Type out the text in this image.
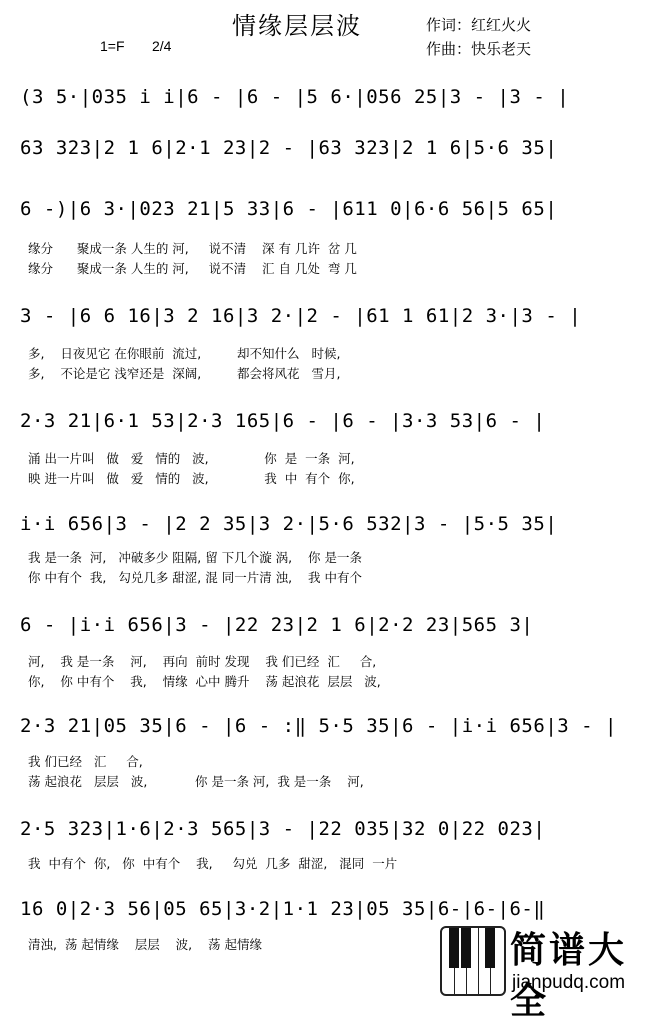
情缘层层波	作词：红红火火
作曲：快乐老天
1=F 2/4
(3 5·|035 i i|6 - |6 - |5 6·|056 25|3 - |3 - |
63 323|2 1 6|2·1 23|2 - |63 323|2 1 6|5·6 35|
6 -)|6 3·|023 21|5 33|6 - |611 0|6·6 56|5 65|
缘分      聚成一条 人生的 河,     说不清    深 有 几许  岔 几
缘分      聚成一条 人生的 河,     说不清    汇 自 几处  弯 几
3 - |6 6 16|3 2 16|3 2·|2 - |61 1 61|2 3·|3 - |
多,    日夜见它 在你眼前  流过,         却不知什么   时候,
多,    不论是它 浅窄还是  深阔,         都会将风花   雪月,
2·3 21|6·1 53|2·3 165|6 - |6 - |3·3 53|6 - |
涌 出一片叫   做   爱   情的   波,              你  是  一条  河,
映 进一片叫   做   爱   情的   波,              我  中  有个  你,
i·i 656|3 - |2 2 35|3 2·|5·6 532|3 - |5·5 35|
我 是一条  河,   冲破多少 阻隔, 留 下几个漩 涡,    你 是一条
你 中有个  我,   勾兑几多 甜涩, 混 同一片清 浊,    我 中有个
6 - |i·i 656|3 - |22 23|2 1 6|2·2 23|565 3|
河,    我 是一条    河,    再向  前时 发现    我 们已经  汇     合,
你,    你 中有个    我,    情缘  心中 腾升    荡 起浪花  层层   波,
2·3 21|05 35|6 - |6 - :‖ 5·5 35|6 - |i·i 656|3 - |
我 们已经   汇     合,
荡 起浪花   层层   波,            你 是一条 河,  我 是一条    河,
2·5 323|1·6|2·3 565|3 - |22 035|32 0|22 023|
我  中有个  你,   你  中有个    我,     勾兑  几多  甜涩,   混同  一片
16 0|2·3 56|05 65|3·2|1·1 23|05 35|6-|6-|6-‖
清浊,  荡 起情缘    层层    波,    荡 起情缘	简谱大全
jianpudq.com
